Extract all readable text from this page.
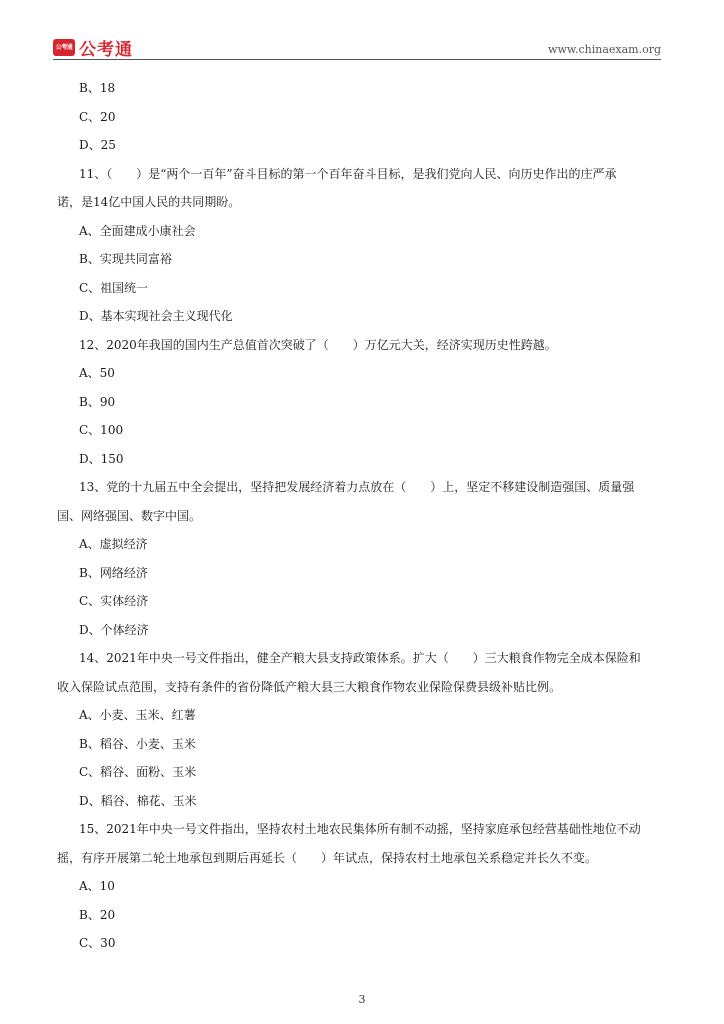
公考通 公考通	www.chinaexam.org
B、18
C、20
D、25
11、（　　）是“两个一百年”奋斗目标的第一个百年奋斗目标，是我们党向人民、向历史作出的庄严承
诺，是14亿中国人民的共同期盼。
A、全面建成小康社会
B、实现共同富裕
C、祖国统一
D、基本实现社会主义现代化
12、2020年我国的国内生产总值首次突破了（　　）万亿元大关，经济实现历史性跨越。
A、50
B、90
C、100
D、150
13、党的十九届五中全会提出，坚持把发展经济着力点放在（　　）上，坚定不移建设制造强国、质量强
国、网络强国、数字中国。
A、虚拟经济
B、网络经济
C、实体经济
D、个体经济
14、2021年中央一号文件指出，健全产粮大县支持政策体系。扩大（　　）三大粮食作物完全成本保险和
收入保险试点范围，支持有条件的省份降低产粮大县三大粮食作物农业保险保费县级补贴比例。
A、小麦、玉米、红薯
B、稻谷、小麦、玉米
C、稻谷、面粉、玉米
D、稻谷、棉花、玉米
15、2021年中央一号文件指出，坚持农村土地农民集体所有制不动摇，坚持家庭承包经营基础性地位不动
摇，有序开展第二轮土地承包到期后再延长（　　）年试点，保持农村土地承包关系稳定并长久不变。
A、10
B、20
C、30
3
